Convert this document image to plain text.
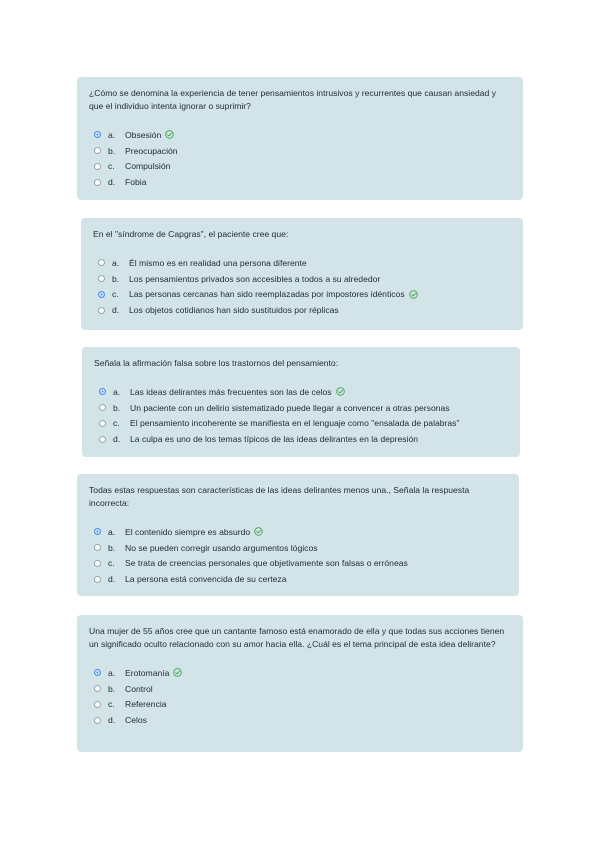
¿Cómo se denomina la experiencia de tener pensamientos intrusivos y recurrentes que causan ansiedad y que el individuo intenta ignorar o suprimir?

a.	Obsesión
b.	Preocupación
c.	Compulsión
d.	Fobia

En el "síndrome de Capgras", el paciente cree que:

a.	Él mismo es en realidad una persona diferente
b.	Los pensamientos privados son accesibles a todos a su alrededor
c.	Las personas cercanas han sido reemplazadas por impostores idénticos
d.	Los objetos cotidianos han sido sustituidos por réplicas

Señala la afirmación falsa sobre los trastornos del pensamiento:

a.	Las ideas delirantes más frecuentes son las de celos
b.	Un paciente con un delirio sistematizado puede llegar a convencer a otras personas
c.	El pensamiento incoherente se manifiesta en el lenguaje como "ensalada de palabras"
d.	La culpa es uno de los temas típicos de las ideas delirantes en la depresión

Todas estas respuestas son características de las ideas delirantes menos una., Señala la respuesta incorrecta:

a.	El contenido siempre es absurdo
b.	No se pueden corregir usando argumentos lógicos
c.	Se trata de creencias personales que objetivamente son falsas o erróneas
d.	La persona está convencida de su certeza

Una mujer de 55 años cree que un cantante famoso está enamorado de ella y que todas sus acciones tienen un significado oculto relacionado con su amor hacia ella. ¿Cuál es el tema principal de esta idea delirante?

a.	Erotomanía
b.	Control
c.	Referencia
d.	Celos
